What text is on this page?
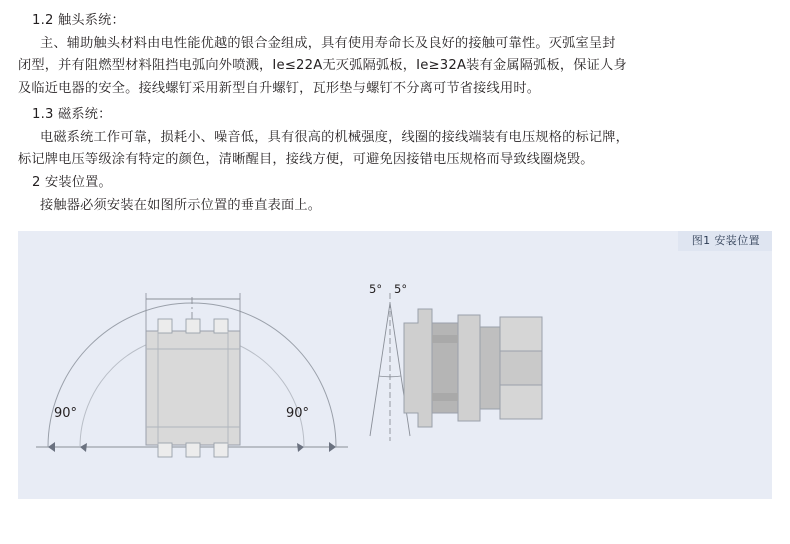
1.2 触头系统：

主、辅助触头材料由电性能优越的银合金组成，具有使用寿命长及良好的接触可靠性。灭弧室呈封

闭型，并有阻燃型材料阻挡电弧向外喷溅，Ie≤22A无灭弧隔弧板，Ie≥32A装有金属隔弧板，保证人身

及临近电器的安全。接线螺钉采用新型自升螺钉，瓦形垫与螺钉不分离可节省接线用时。

1.3 磁系统：

电磁系统工作可靠，损耗小、噪音低，具有很高的机械强度，线圈的接线端装有电压规格的标记牌，

标记牌电压等级涂有特定的颜色，清晰醒目，接线方便，可避免因接错电压规格而导致线圈烧毁。

2 安装位置。

接触器必须安装在如图所示位置的垂直表面上。

图1 安装位置
90°	90°
5° 5°
